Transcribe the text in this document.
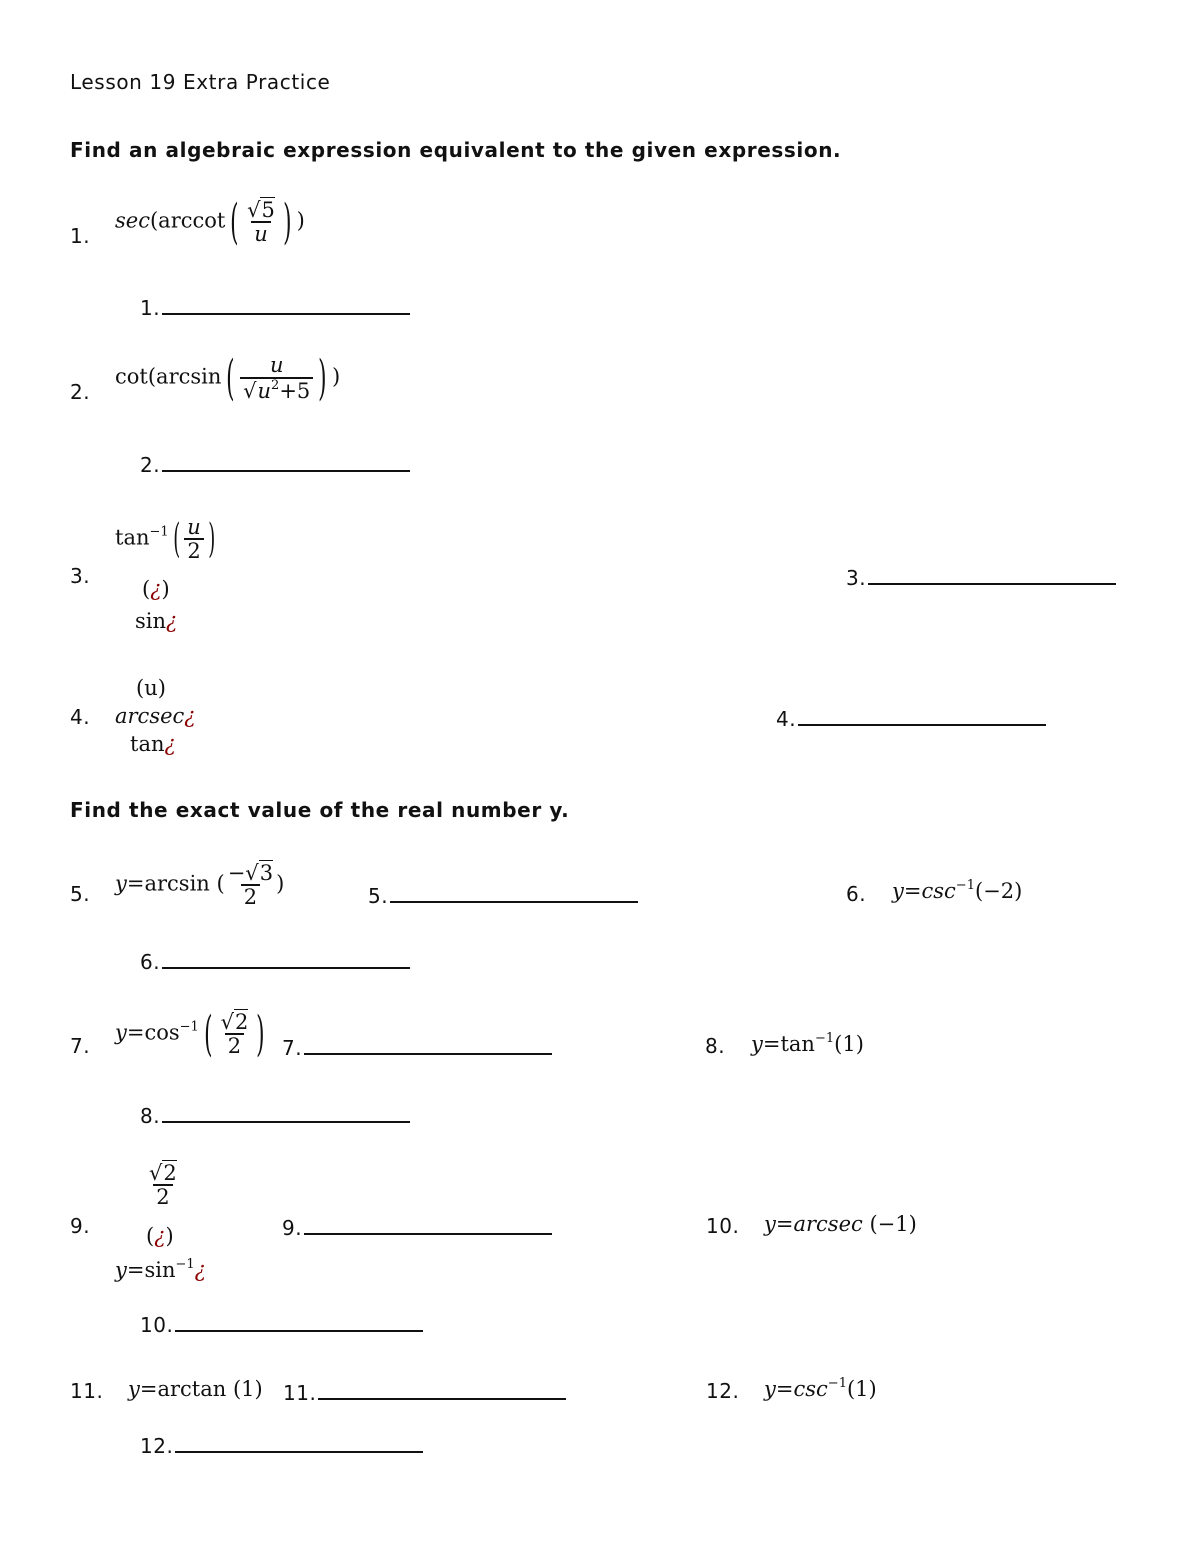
Lesson 19 Extra Practice
Find an algebraic expression equivalent to the given expression.
1.
sec(arccot ( $\frac{√5}{u}$ ) )
1.
2.
cot(arcsin ( $\frac{u}{√u^2+5}$ ) )
2.
3.
$\tan^{-1}$ ( $\frac{u}{2}$ )
(¿)
sin¿
3.
(u)
4. arcsec¿
tan¿
4.
Find the exact value of the real number y.
5. y=arcsin ( $\frac{-√3}{2}$ )
5.	6. $y=\csc^{-1}(-2)$
6.
7.
$y=\cos^{-1}$ ( $\frac{√2}{2}$ ) 7.	8. $y=\tan^{-1}(1)$
8.
$\frac{√2}{2}$
9.	(¿)
$y=\sin^{-1}¿$
9.	10. y=arcsec (−1)
10.
11. y=arctan (1) 11.	12. $y=\csc^{-1}(1)$
12.
